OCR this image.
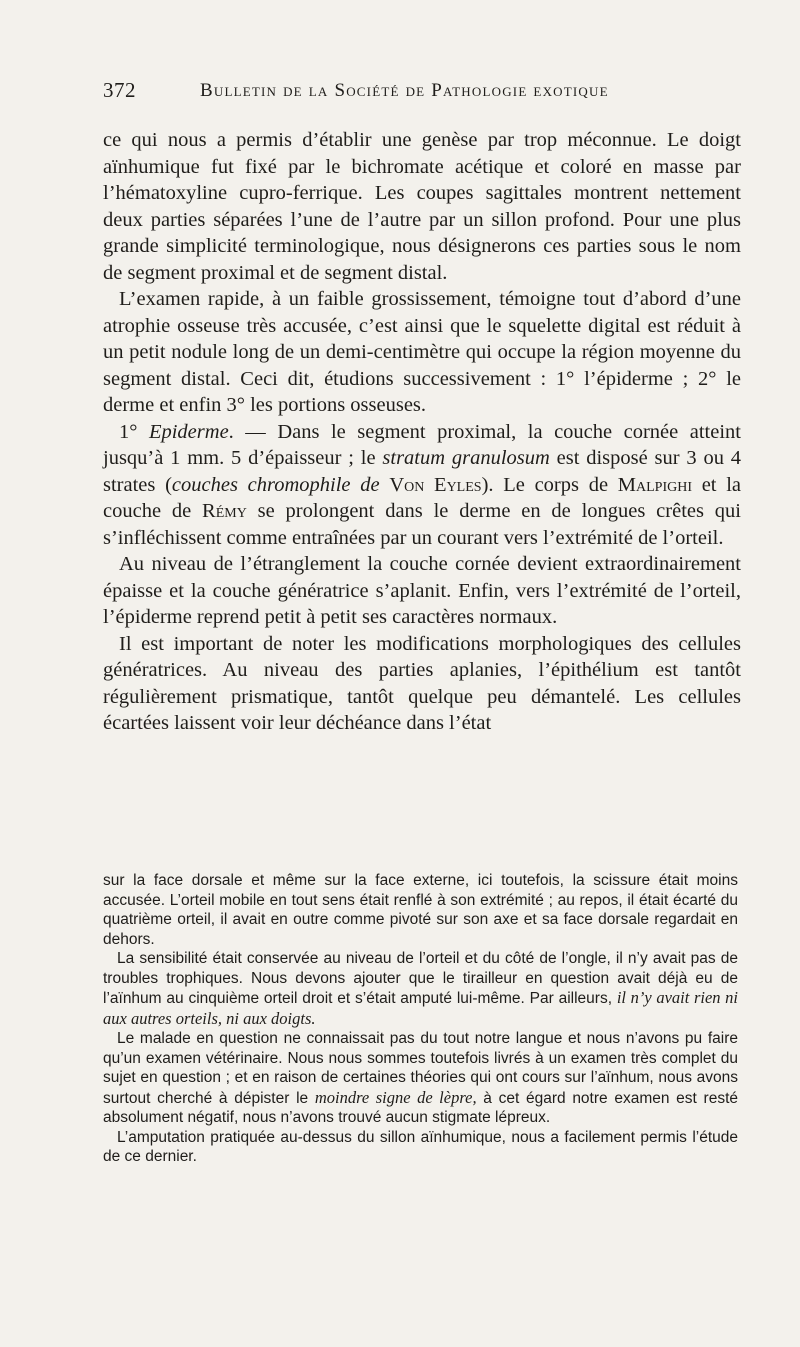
372	Bulletin de la Société de Pathologie exotique

ce qui nous a permis d’établir une genèse par trop méconnue. Le doigt aïnhumique fut fixé par le bichromate acétique et coloré en masse par l’hématoxyline cupro-ferrique. Les coupes sagittales montrent nettement deux parties séparées l’une de l’autre par un sillon profond. Pour une plus grande simplicité terminologique, nous désignerons ces parties sous le nom de segment proximal et de segment distal.

L’examen rapide, à un faible grossissement, témoigne tout d’abord d’une atrophie osseuse très accusée, c’est ainsi que le squelette digital est réduit à un petit nodule long de un demi-centimètre qui occupe la région moyenne du segment distal. Ceci dit, étudions successivement : 1° l’épiderme ; 2° le derme et enfin 3° les portions osseuses.

1° Epiderme. — Dans le segment proximal, la couche cornée atteint jusqu’à 1 mm. 5 d’épaisseur ; le stratum granulosum est disposé sur 3 ou 4 strates (couches chromophile de Von Eyles). Le corps de Malpighi et la couche de Rémy se prolongent dans le derme en de longues crêtes qui s’infléchissent comme entraînées par un courant vers l’extrémité de l’orteil.

Au niveau de l’étranglement la couche cornée devient extraordinairement épaisse et la couche génératrice s’aplanit. Enfin, vers l’extrémité de l’orteil, l’épiderme reprend petit à petit ses caractères normaux.

Il est important de noter les modifications morphologiques des cellules génératrices. Au niveau des parties aplanies, l’épithélium est tantôt régulièrement prismatique, tantôt quelque peu démantelé. Les cellules écartées laissent voir leur déchéance dans l’état

sur la face dorsale et même sur la face externe, ici toutefois, la scissure était moins accusée. L’orteil mobile en tout sens était renflé à son extrémité ; au repos, il était écarté du quatrième orteil, il avait en outre comme pivoté sur son axe et sa face dorsale regardait en dehors.

La sensibilité était conservée au niveau de l’orteil et du côté de l’ongle, il n’y avait pas de troubles trophiques. Nous devons ajouter que le tirailleur en question avait déjà eu de l’aïnhum au cinquième orteil droit et s’était amputé lui-même. Par ailleurs, il n’y avait rien ni aux autres orteils, ni aux doigts.

Le malade en question ne connaissait pas du tout notre langue et nous n’avons pu faire qu’un examen vétérinaire. Nous nous sommes toutefois livrés à un examen très complet du sujet en question ; et en raison de certaines théories qui ont cours sur l’aïnhum, nous avons surtout cherché à dépister le moindre signe de lèpre, à cet égard notre examen est resté absolument négatif, nous n’avons trouvé aucun stigmate lépreux.

L’amputation pratiquée au-dessus du sillon aïnhumique, nous a facilement permis l’étude de ce dernier.
